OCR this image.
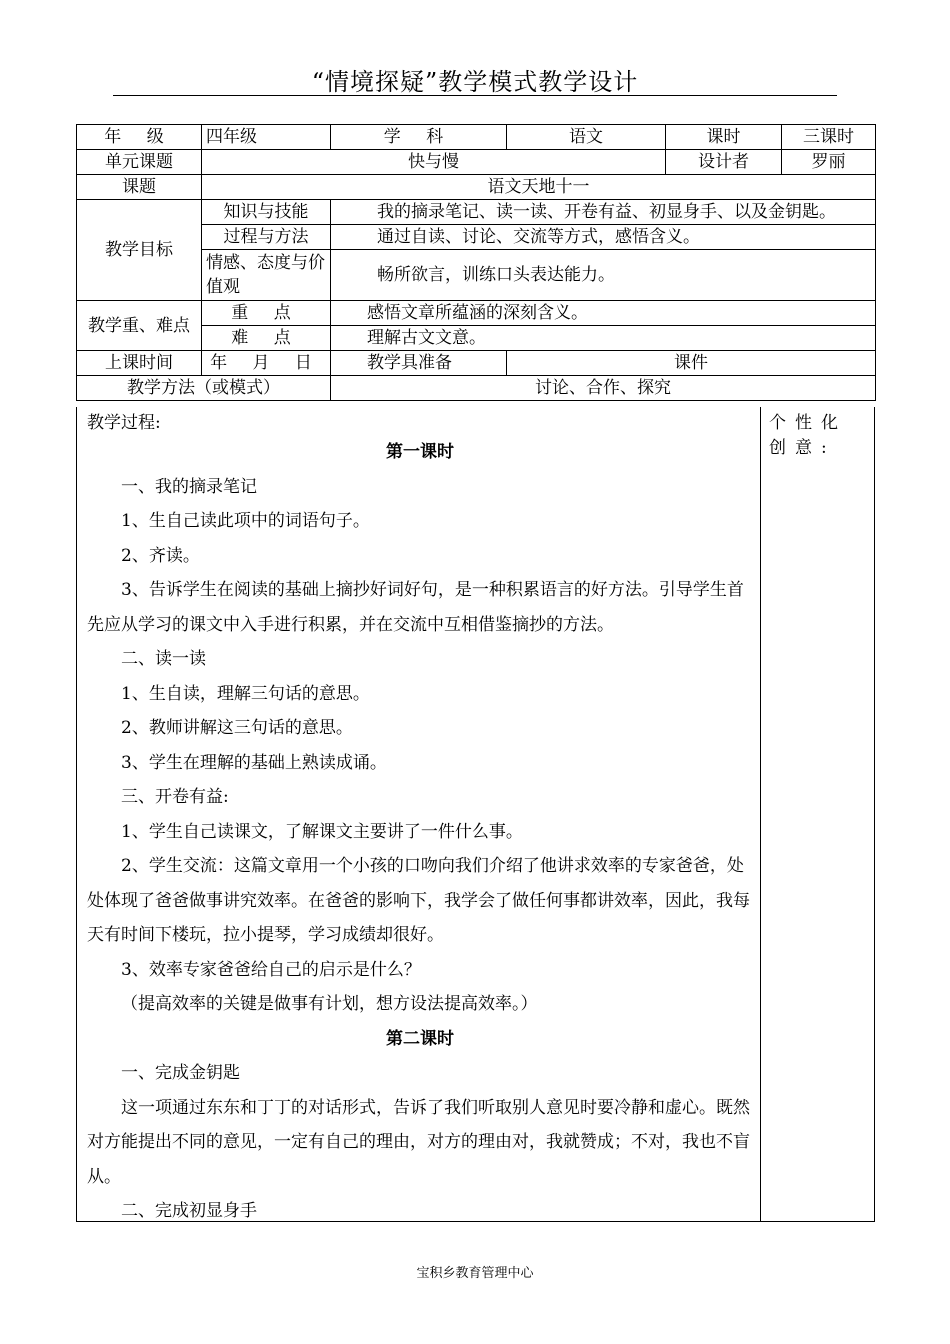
“情境探疑”教学模式教学设计
年 级	四年级	学 科	语文	课时	三课时
单元课题	快与慢			设计者	罗丽
课题	语文天地十一				
教学目标	知识与技能	我的摘录笔记、读一读、开卷有益、初显身手、以及金钥匙。			
	过程与方法	通过自读、讨论、交流等方式，感悟含义。			
	情感、态度与价值观	畅所欲言，训练口头表达能力。			
教学重、难点	重 点	感悟文章所蕴涵的深刻含义。			
	难 点	理解古文文意。			
上课时间	年 月 日	教学具准备	课件		
教学方法（或模式）		讨论、合作、探究			
教学过程:
第一课时
一、我的摘录笔记
1、生自己读此项中的词语句子。
2、齐读。
3、告诉学生在阅读的基础上摘抄好词好句，是一种积累语言的好方法。引导学生首先应从学习的课文中入手进行积累，并在交流中互相借鉴摘抄的方法。
二、读一读
1、生自读，理解三句话的意思。
2、教师讲解这三句话的意思。
3、学生在理解的基础上熟读成诵。
三、开卷有益:
1、学生自己读课文，了解课文主要讲了一件什么事。
2、学生交流：这篇文章用一个小孩的口吻向我们介绍了他讲求效率的专家爸爸，处处体现了爸爸做事讲究效率。在爸爸的影响下，我学会了做任何事都讲效率，因此，我每天有时间下楼玩，拉小提琴，学习成绩却很好。
3、效率专家爸爸给自己的启示是什么？
（提高效率的关键是做事有计划，想方设法提高效率。）
第二课时
一、完成金钥匙
这一项通过东东和丁丁的对话形式，告诉了我们听取别人意见时要冷静和虚心。既然对方能提出不同的意见，一定有自己的理由，对方的理由对，我就赞成；不对，我也不盲从。
二、完成初显身手
个性化创意:
宝积乡教育管理中心
